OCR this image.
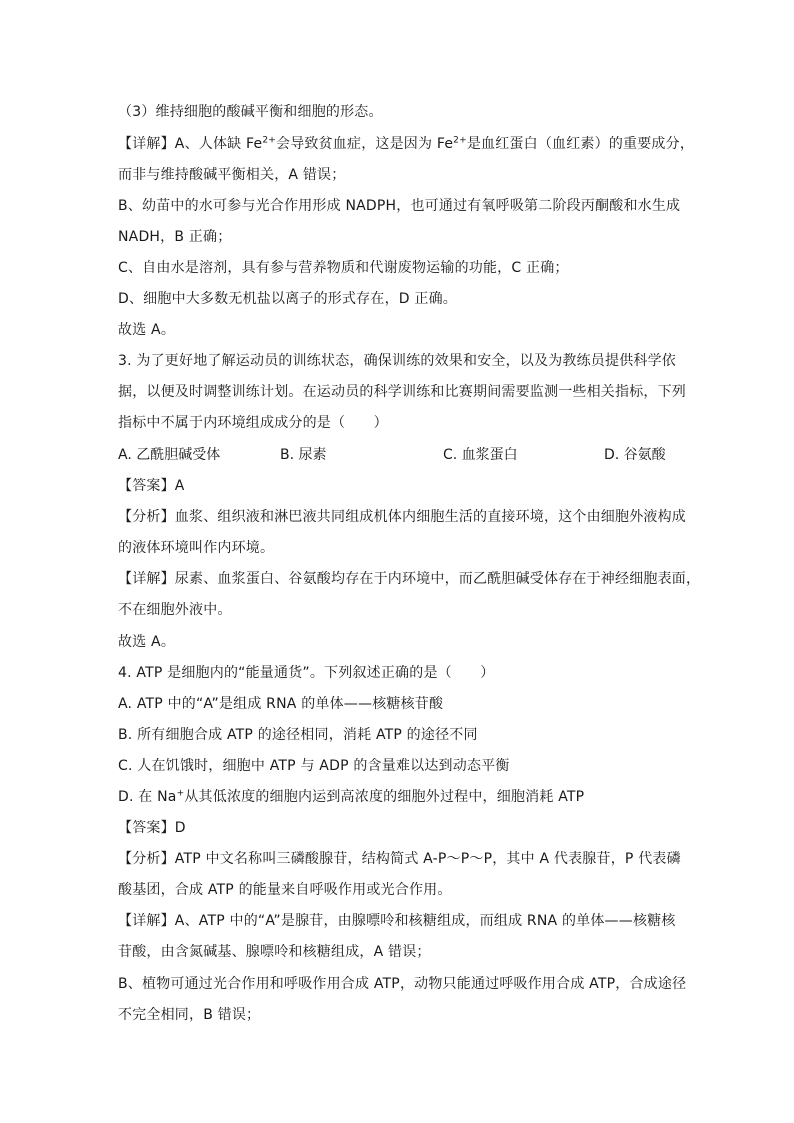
（3）维持细胞的酸碱平衡和细胞的形态。
【详解】A、人体缺 $Fe^{2+}$会导致贫血症，这是因为 $Fe^{2+}$是血红蛋白（血红素）的重要成分，
而非与维持酸碱平衡相关，A 错误；
B、幼苗中的水可参与光合作用形成 NADPH，也可通过有氧呼吸第二阶段丙酮酸和水生成
NADH，B 正确；
C、自由水是溶剂，具有参与营养物质和代谢废物运输的功能，C 正确；
D、细胞中大多数无机盐以离子的形式存在，D 正确。
故选 A。
3. 为了更好地了解运动员的训练状态，确保训练的效果和安全，以及为教练员提供科学依
据，以便及时调整训练计划。在运动员的科学训练和比赛期间需要监测一些相关指标，下列
指标中不属于内环境组成成分的是（　　）
A. 乙酰胆碱受体	B. 尿素	C. 血浆蛋白	D. 谷氨酸
【答案】A
【分析】血浆、组织液和淋巴液共同组成机体内细胞生活的直接环境，这个由细胞外液构成
的液体环境叫作内环境。
【详解】尿素、血浆蛋白、谷氨酸均存在于内环境中，而乙酰胆碱受体存在于神经细胞表面，
不在细胞外液中。
故选 A。
4. ATP 是细胞内的“能量通货”。下列叙述正确的是（　　）
A. ATP 中的“A”是组成 RNA 的单体——核糖核苷酸
B. 所有细胞合成 ATP 的途径相同，消耗 ATP 的途径不同
C. 人在饥饿时，细胞中 ATP 与 ADP 的含量难以达到动态平衡
D. 在 Na+从其低浓度的细胞内运到高浓度的细胞外过程中，细胞消耗 ATP
【答案】D
【分析】ATP 中文名称叫三磷酸腺苷，结构简式 A-P～P～P，其中 A 代表腺苷，P 代表磷
酸基团，合成 ATP 的能量来自呼吸作用或光合作用。
【详解】A、ATP 中的“A”是腺苷，由腺嘌呤和核糖组成，而组成 RNA 的单体——核糖核
苷酸，由含氮碱基、腺嘌呤和核糖组成，A 错误；
B、植物可通过光合作用和呼吸作用合成 ATP，动物只能通过呼吸作用合成 ATP，合成途径
不完全相同，B 错误；
